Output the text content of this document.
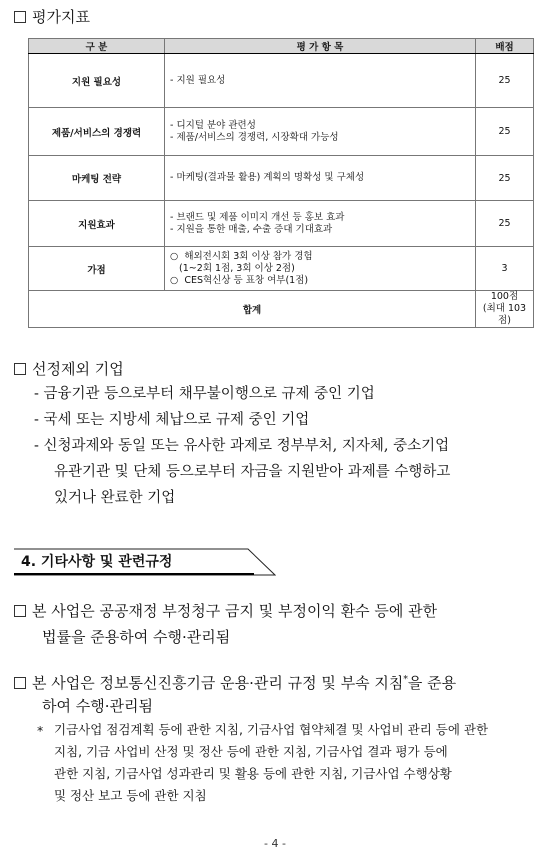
평가지표
구 분	평 가 항 목	배점
지원 필요성	- 지원 필요성	25
제품/서비스의 경쟁력	- 디지털 분야 관련성
- 제품/서비스의 경쟁력, 시장확대 가능성	25
마케팅 전략	- 마케팅(결과물 활용) 계획의 명확성 및 구체성	25
지원효과	- 브랜드 및 제품 이미지 개선 등 홍보 효과
- 지원을 통한 매출, 수출 증대 기대효과	25
가점	○  해외전시회 3회 이상 참가 경험
(1~2회 1점, 3회 이상 2점)
○  CES혁신상 등 표창 여부(1점)	3
합계		100점
(최대 103점)
선정제외 기업
- 금융기관 등으로부터 채무불이행으로 규제 중인 기업
- 국세 또는 지방세 체납으로 규제 중인 기업
- 신청과제와 동일 또는 유사한 과제로 정부부처, 지자체, 중소기업
유관기관 및 단체 등으로부터 자금을 지원받아 과제를 수행하고
있거나 완료한 기업
4. 기타사항 및 관련규정
본 사업은 공공재정 부정청구 금지 및 부정이익 환수 등에 관한
법률을 준용하여 수행·관리됨
본 사업은 정보통신진흥기금 운용·관리 규정 및 부속 지침*을 준용
하여 수행·관리됨
* 기금사업 점검계획 등에 관한 지침, 기금사업 협약체결 및 사업비 관리 등에 관한
지침, 기금 사업비 산정 및 정산 등에 관한 지침, 기금사업 결과 평가 등에
관한 지침, 기금사업 성과관리 및 활용 등에 관한 지침, 기금사업 수행상황
및 정산 보고 등에 관한 지침
- 4 -
